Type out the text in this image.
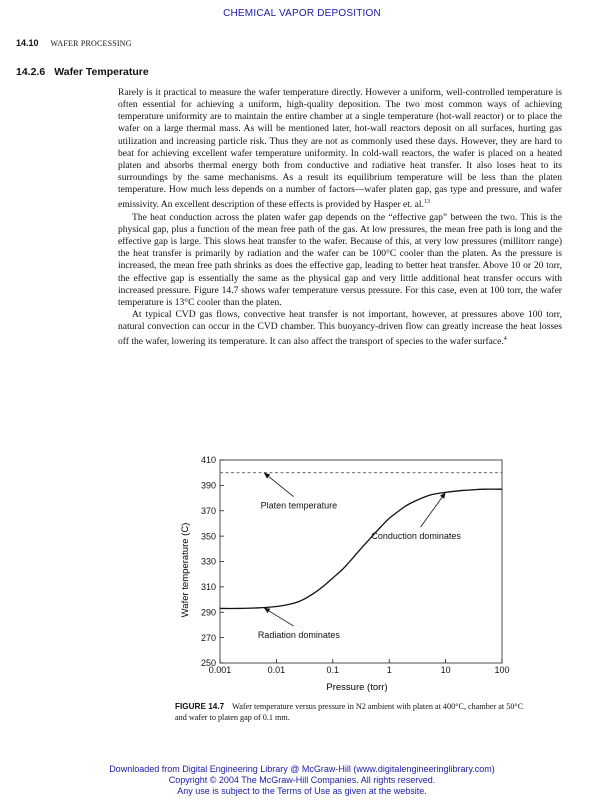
CHEMICAL VAPOR DEPOSITION
14.10 WAFER PROCESSING
14.2.6 Wafer Temperature

Rarely is it practical to measure the wafer temperature directly. However a uniform, well-controlled temperature is often essential for achieving a uniform, high-quality deposition. The two most common ways of achieving temperature uniformity are to maintain the entire chamber at a single temperature (hot-wall reactor) or to place the wafer on a large thermal mass. As will be mentioned later, hot-wall reactors deposit on all surfaces, hurting gas utilization and increasing particle risk. Thus they are not as commonly used these days. However, they are hard to beat for achieving excellent wafer temperature uniformity. In cold-wall reactors, the wafer is placed on a heated platen and absorbs thermal energy both from conductive and radiative heat transfer. It also loses heat to its surroundings by the same mechanisms. As a result its equilibrium temperature will be less than the platen temperature. How much less depends on a number of factors—wafer platen gap, gas type and pressure, and wafer emissivity. An excellent description of these effects is provided by Hasper et. al.$^{13}$

The heat conduction across the platen wafer gap depends on the “effective gap” between the two. This is the physical gap, plus a function of the mean free path of the gas. At low pressures, the mean free path is long and the effective gap is large. This slows heat transfer to the wafer. Because of this, at very low pressures (millitorr range) the heat transfer is primarily by radiation and the wafer can be 100°C cooler than the platen. As the pressure is increased, the mean free path shrinks as does the effective gap, leading to better heat transfer. Above 10 or 20 torr, the effective gap is essentially the same as the physical gap and very little additional heat transfer occurs with increased pressure. Figure 14.7 shows wafer temperature versus pressure. For this case, even at 100 torr, the wafer temperature is 13°C cooler than the platen.

At typical CVD gas flows, convective heat transfer is not important, however, at pressures above 100 torr, natural convection can occur in the CVD chamber. This buoyancy-driven flow can greatly increase the heat losses off the wafer, lowering its temperature. It can also affect the transport of species to the wafer surface.$^4$

250
270
290
310
330
350
370
390
410
0.001	0.01	0.1	1	10	100
Platen temperature
Conduction dominates
Radiation dominates
Wafer temperature (C)
Pressure (torr)
FIGURE 14.7 Wafer temperature versus pressure in N2 ambient with platen at 400°C, chamber at 50°C and wafer to platen gap of 0.1 mm.
Downloaded from Digital Engineering Library @ McGraw-Hill (www.digitalengineeringlibrary.com)
Copyright © 2004 The McGraw-Hill Companies. All rights reserved.
Any use is subject to the Terms of Use as given at the website.
